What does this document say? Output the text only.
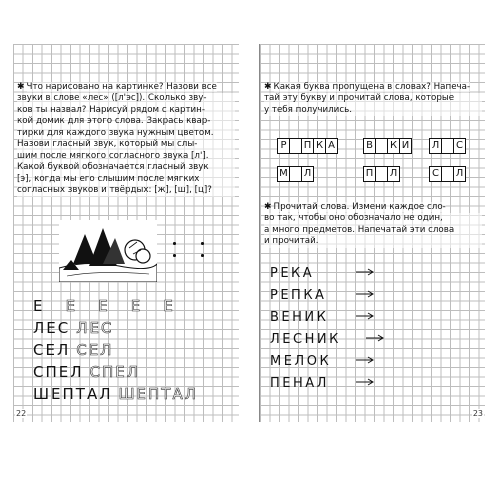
✱ Что нарисовано на картинке? Назови все
звуки в слове «лес» ([л'эс]). Сколько зву-
ков ты назвал? Нарисуй рядом с картин-
кой домик для этого слова. Закрась квар-
тирки для каждого звука нужным цветом.
Назови гласный звук, который мы слы-
шим после мягкого согласного звука [л'].
Какой буквой обозначается гласный звук
[э], когда мы его слышим после мягких
согласных звуков и твёрдых: [ж], [ш], [ц]?
Е Е Е Е Е
ЛЕС ЛЕС
СЕЛ СЕЛ
СПЕЛ СПЕЛ
ШЕПТАЛ ШЕПТАЛ
22
✱ Какая буква пропущена в словах? Напеча-
тай эту букву и прочитай слова, которые
у тебя получились.
Р	П К А	В	К И Л	С
М Л	П Л	С	Л
✱ Прочитай слова. Измени каждое сло-
во так, чтобы оно обозначало не один,
а много предметов. Напечатай эти слова
и прочитай.
РЕКА
РЕПКА
ВЕНИК
ЛЕСНИК
МЕЛОК
ПЕНАЛ
23
